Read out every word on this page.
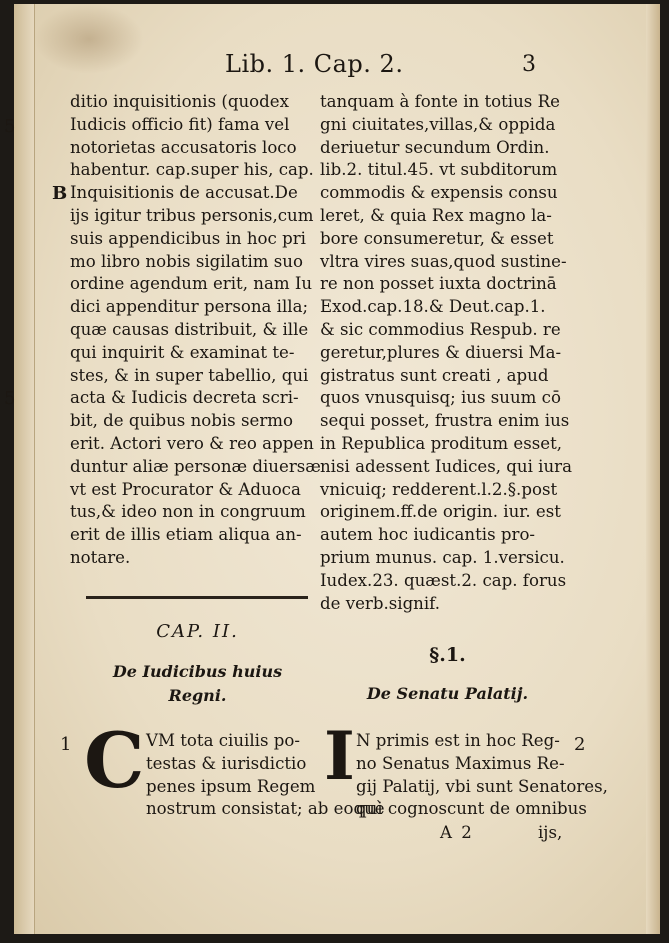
Lib. 1. Cap. 2.	3
5
B
5
1	2
ditio inquisitionis (quodex
Iudicis officio fit) fama vel
notorietas accusatoris loco
habentur. cap.super his, cap.
Inquisitionis de accusat.De
ijs igitur tribus personis,cum
suis appendicibus in hoc pri
mo libro nobis sigilatim suo
ordine agendum erit, nam Iu
dici appenditur persona illa;
quæ causas distribuit, & ille
qui inquirit & examinat te-
stes, & in super tabellio, qui
acta & Iudicis decreta scri-
bit, de quibus nobis sermo
erit. Actori vero & reo appen
duntur aliæ personæ diuersæ
vt est Procurator & Aduoca
tus,& ideo non in congruum
erit de illis etiam aliqua an-
notare.
tanquam à fonte in totius Re
gni ciuitates,villas,& oppida
deriuetur secundum Ordin.
lib.2. titul.45. vt subditorum
commodis & expensis consu
leret, & quia Rex magno la-
bore consumeretur, & esset
vltra vires suas,quod sustine-
re non posset iuxta doctrinā
Exod.cap.18.& Deut.cap.1.
& sic commodius Respub. re
geretur,plures & diuersi Ma-
gistratus sunt creati , apud
quos vnusquisq; ius suum cō
sequi posset, frustra enim ius
in Republica proditum esset,
nisi adessent Iudices, qui iura
vnicuiq; redderent.l.2.§.post
originem.ff.de origin. iur. est
autem hoc iudicantis pro-
prium munus. cap. 1.versicu.
Iudex.23. quæst.2. cap. forus
de verb.signif.
CAP. II.
De Iudicibus huius
Regni.
§.1.
De Senatu Palatij.
C VM tota ciuilis po-
testas & iurisdictio
penes ipsum Regem
nostrum consistat; ab eoquè
I N primis est in hoc Reg-
no Senatus Maximus Re-
gij Palatij, vbi sunt Senatores,
qui cognoscunt de omnibus
A 2	ijs,
